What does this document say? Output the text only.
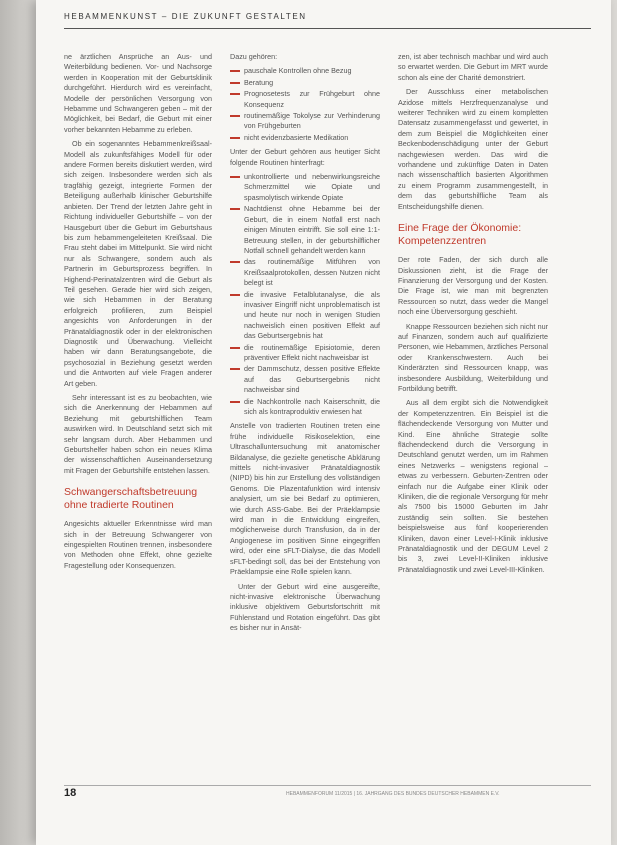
HEBAMMENKUNST – DIE ZUKUNFT GESTALTEN

ne ärztlichen Ansprüche an Aus- und Weiterbildung bedienen. Vor- und Nachsorge werden in Kooperation mit der Geburtsklinik durchgeführt. Hierdurch wird es vereinfacht, Modelle der persönlichen Versorgung von Hebamme und Schwangeren geben – mit der Möglichkeit, bei Bedarf, die Geburt mit einer vorher bekannten Hebamme zu erleben.

Ob ein sogenanntes Hebammenkreißsaal-Modell als zukunftsfähiges Modell für oder andere Formen bereits diskutiert werden, wird sich zeigen. Insbesondere werden sich als tragfähig gezeigt, integrierte Formen der Beteiligung außerhalb klinischer Geburtshilfe anbieten. Der Trend der letzten Jahre geht in Richtung individueller Geburtshilfe – von der Hausgeburt über die Geburt im Geburtshaus bis zum hebammengeleiteten Kreißsaal. Die Frau steht dabei im Mittelpunkt. Sie wird nicht nur als Schwangere, sondern auch als Partnerin im Geburtsprozess begriffen. In Highend-Perinatalzentren wird die Geburt als Teil gesehen. Gerade hier wird sich zeigen, wie sich Hebammen in der Beratung erfolgreich profilieren, zum Beispiel angesichts von Anforderungen in der Pränataldiagnostik oder in der elektronischen Diagnostik und Überwachung. Vielleicht haben wir dann Beratungsangebote, die psychosozial in Beziehung gesetzt werden und die Antworten auf viele Fragen anderer Art geben.

Sehr interessant ist es zu beobachten, wie sich die Anerkennung der Hebammen auf Beziehung mit geburtshilflichen Team auswirken wird. In Deutschland setzt sich mit sehr langsam durch. Aber Hebammen und Geburtshelfer haben schon ein neues Klima der wissenschaftlichen Auseinandersetzung mit Fragen der Geburtshilfe entstehen lassen.

Schwangerschaftsbetreuung ohne tradierte Routinen

Angesichts aktueller Erkenntnisse wird man sich in der Betreuung Schwangerer von eingespielten Routinen trennen, insbesondere von Methoden ohne Effekt, ohne gezielte Fragestellung oder Konsequenzen.

Dazu gehören:

pauschale Kontrollen ohne Bezug
Beratung
Prognosetests zur Frühgeburt ohne Konsequenz
routinemäßige Tokolyse zur Verhinderung von Frühgeburten
nicht evidenzbasierte Medikation

Unter der Geburt gehören aus heutiger Sicht folgende Routinen hinterfragt:

unkontrollierte und nebenwirkungsreiche Schmerzmittel wie Opiate und spasmolytisch wirkende Opiate
Nachtdienst ohne Hebamme bei der Geburt, die in einem Notfall erst nach einigen Minuten eintrifft. Sie soll eine 1:1-Betreuung stellen, in der geburtshilflicher Notfall schnell gehandelt werden kann
das routinemäßige Mitführen von Kreißsaalprotokollen, dessen Nutzen nicht belegt ist
die invasive Fetalblutanalyse, die als invasiver Eingriff nicht unproblematisch ist und heute nur noch in wenigen Studien nachweislich einen positiven Effekt auf das Geburtsergebnis hat
die routinemäßige Episiotomie, deren präventiver Effekt nicht nachweisbar ist
der Dammschutz, dessen positive Effekte auf das Geburtsergebnis nicht nachweisbar sind
die Nachkontrolle nach Kaiserschnitt, die sich als kontraproduktiv erwiesen hat

Anstelle von tradierten Routinen treten eine frühe individuelle Risikoselektion, eine Ultraschalluntersuchung mit anatomischer Bildanalyse, die gezielte genetische Abklärung mittels nicht-invasiver Pränataldiagnostik (NIPD) bis hin zur Erstellung des vollständigen Genoms. Die Plazentafunktion wird intensiv analysiert, um sie bei Bedarf zu optimieren, wie durch ASS-Gabe. Bei der Präeklampsie wird man in die Entwicklung eingreifen, möglicherweise durch Transfusion, da in der Angiogenese im positiven Sinne eingegriffen wird, oder eine sFLT-Dialyse, die das Modell sFLT-bedingt soll, das bei der Entstehung von Präeklampsie eine Rolle spielen kann.

Unter der Geburt wird eine ausgereifte, nicht-invasive elektronische Überwachung inklusive objektivem Geburtsfortschritt mit Fühlenstand und Rotation eingeführt. Das gibt es bisher nur in Ansät-

zen, ist aber technisch machbar und wird auch so erwartet werden. Die Geburt im MRT wurde schon als eine der Charité demonstriert.

Der Ausschluss einer metabolischen Azidose mittels Herzfrequenzanalyse und weiterer Techniken wird zu einem kompletten Datensatz zusammengefasst und gewertet, in dem zum Beispiel die Möglichkeiten einer Beckenbodenschädigung unter der Geburt nachgewiesen werden. Das wird die vorhandene und zukünftige Daten in Daten nach wissenschaftlich basierten Algorithmen zu einem Programm zusammengestellt, in dem das geburtshilfliche Team als Entscheidungshilfe dienen.

Eine Frage der Ökonomie: Kompetenzzentren

Der rote Faden, der sich durch alle Diskussionen zieht, ist die Frage der Finanzierung der Versorgung und der Kosten. Die Frage ist, wie man mit begrenzten Ressourcen so nutzt, dass weder die Mangel noch eine Überversorgung geschieht.

Knappe Ressourcen beziehen sich nicht nur auf Finanzen, sondern auch auf qualifizierte Personen, wie Hebammen, ärztliches Personal oder Krankenschwestern. Auch bei Kinderärzten sind Ressourcen knapp, was insbesondere Ausbildung, Weiterbildung und Fortbildung betrifft.

Aus all dem ergibt sich die Notwendigkeit der Kompetenzzentren. Ein Beispiel ist die flächendeckende Versorgung von Mutter und Kind. Eine ähnliche Strategie sollte flächendeckend durch die Versorgung in Deutschland genutzt werden, um im Rahmen eines Netzwerks – wenigstens regional – etwas zu verbessern. Geburten-Zentren oder einfach nur die Aufgabe einer Klinik oder Kliniken, die die regionale Versorgung für mehr als 7500 bis 15000 Geburten im Jahr zuständig sein sollten. Sie bestehen beispielsweise aus fünf kooperierenden Kliniken, davon einer Level-I-Klinik inklusive Pränataldiagnostik und der DEGUM Level 2 bis 3, zwei Level-II-Kliniken inklusive Pränataldiagnostik und zwei Level-III-Kliniken.

18	HEBAMMENFORUM 11/2015 | 16. JAHRGANG DES BUNDES DEUTSCHER HEBAMMEN E.V.
